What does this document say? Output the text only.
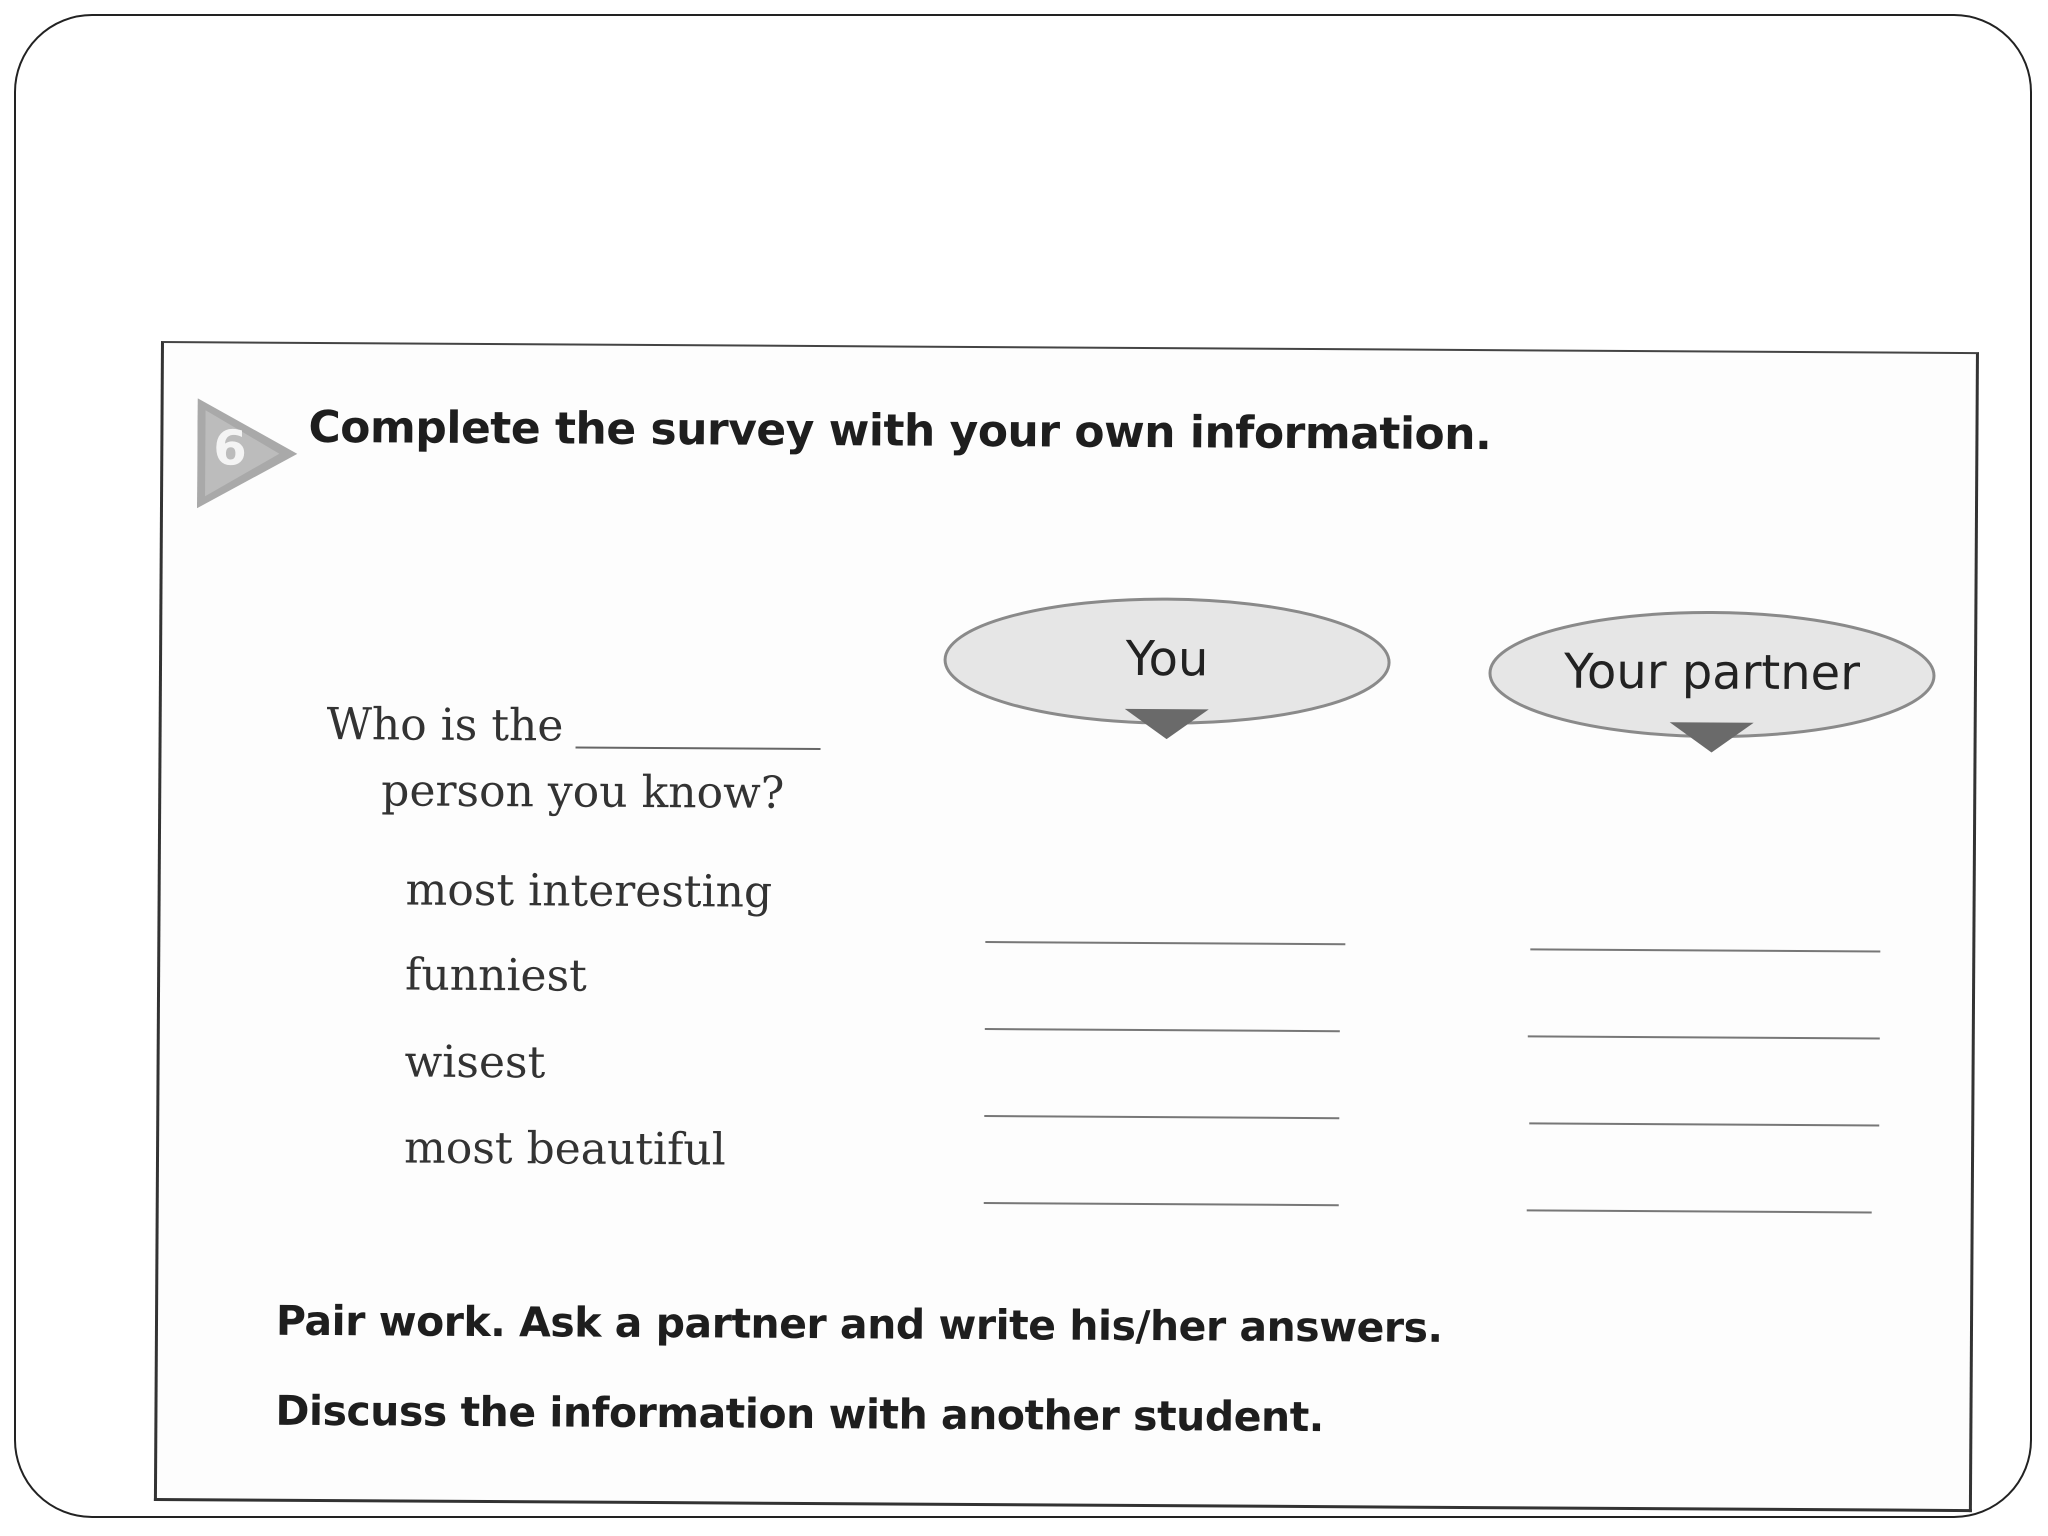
6 Complete the survey with your own information.
Who is the
person you know?
You	Your partner
most interesting
funniest
wisest
most beautiful
Pair work. Ask a partner and write his/her answers.
Discuss the information with another student.
